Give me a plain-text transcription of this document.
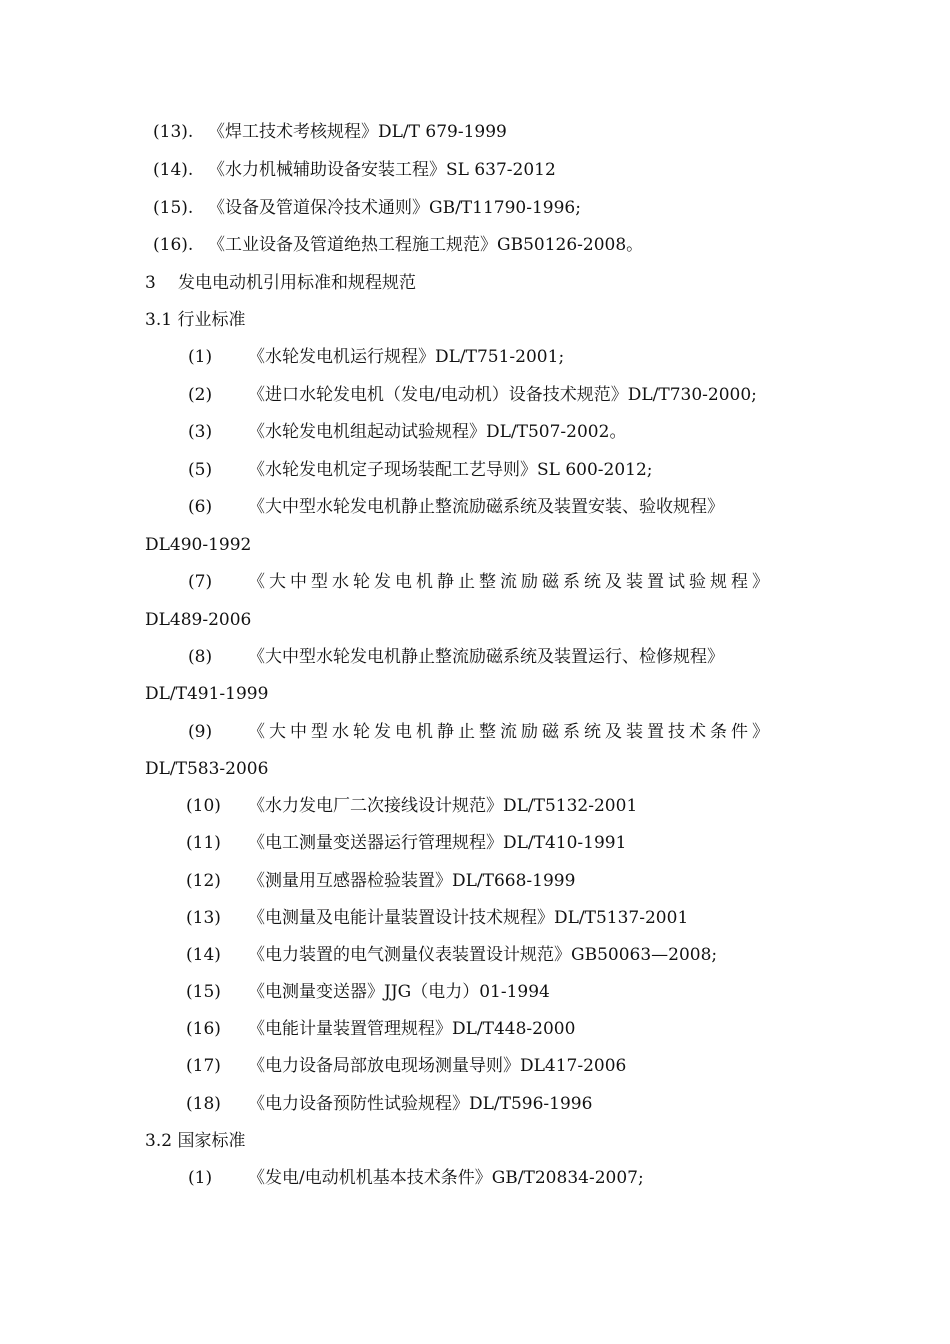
(13). 《焊工技术考核规程》DL/T 679-1999
(14). 《水力机械辅助设备安装工程》SL 637-2012
(15). 《设备及管道保冷技术通则》GB/T11790-1996;
(16). 《工业设备及管道绝热工程施工规范》GB50126-2008。
3 发电电动机引用标准和规程规范
3.1 行业标准
(1) 《水轮发电机运行规程》DL/T751-2001;
(2) 《进口水轮发电机（发电/电动机）设备技术规范》DL/T730-2000;
(3) 《水轮发电机组起动试验规程》DL/T507-2002。
(5) 《水轮发电机定子现场装配工艺导则》SL 600-2012;
(6) 《大中型水轮发电机静止整流励磁系统及装置安装、验收规程》
DL490-1992
(7) 《大中型水轮发电机静止整流励磁系统及装置试验规程》
DL489-2006
(8) 《大中型水轮发电机静止整流励磁系统及装置运行、检修规程》
DL/T491-1999
(9) 《大中型水轮发电机静止整流励磁系统及装置技术条件》
DL/T583-2006
(10) 《水力发电厂二次接线设计规范》DL/T5132-2001
(11) 《电工测量变送器运行管理规程》DL/T410-1991
(12) 《测量用互感器检验装置》DL/T668-1999
(13) 《电测量及电能计量装置设计技术规程》DL/T5137-2001
(14) 《电力装置的电气测量仪表装置设计规范》GB50063—2008;
(15) 《电测量变送器》JJG（电力）01-1994
(16) 《电能计量装置管理规程》DL/T448-2000
(17) 《电力设备局部放电现场测量导则》DL417-2006
(18) 《电力设备预防性试验规程》DL/T596-1996
3.2 国家标准
(1) 《发电/电动机机基本技术条件》GB/T20834-2007;
